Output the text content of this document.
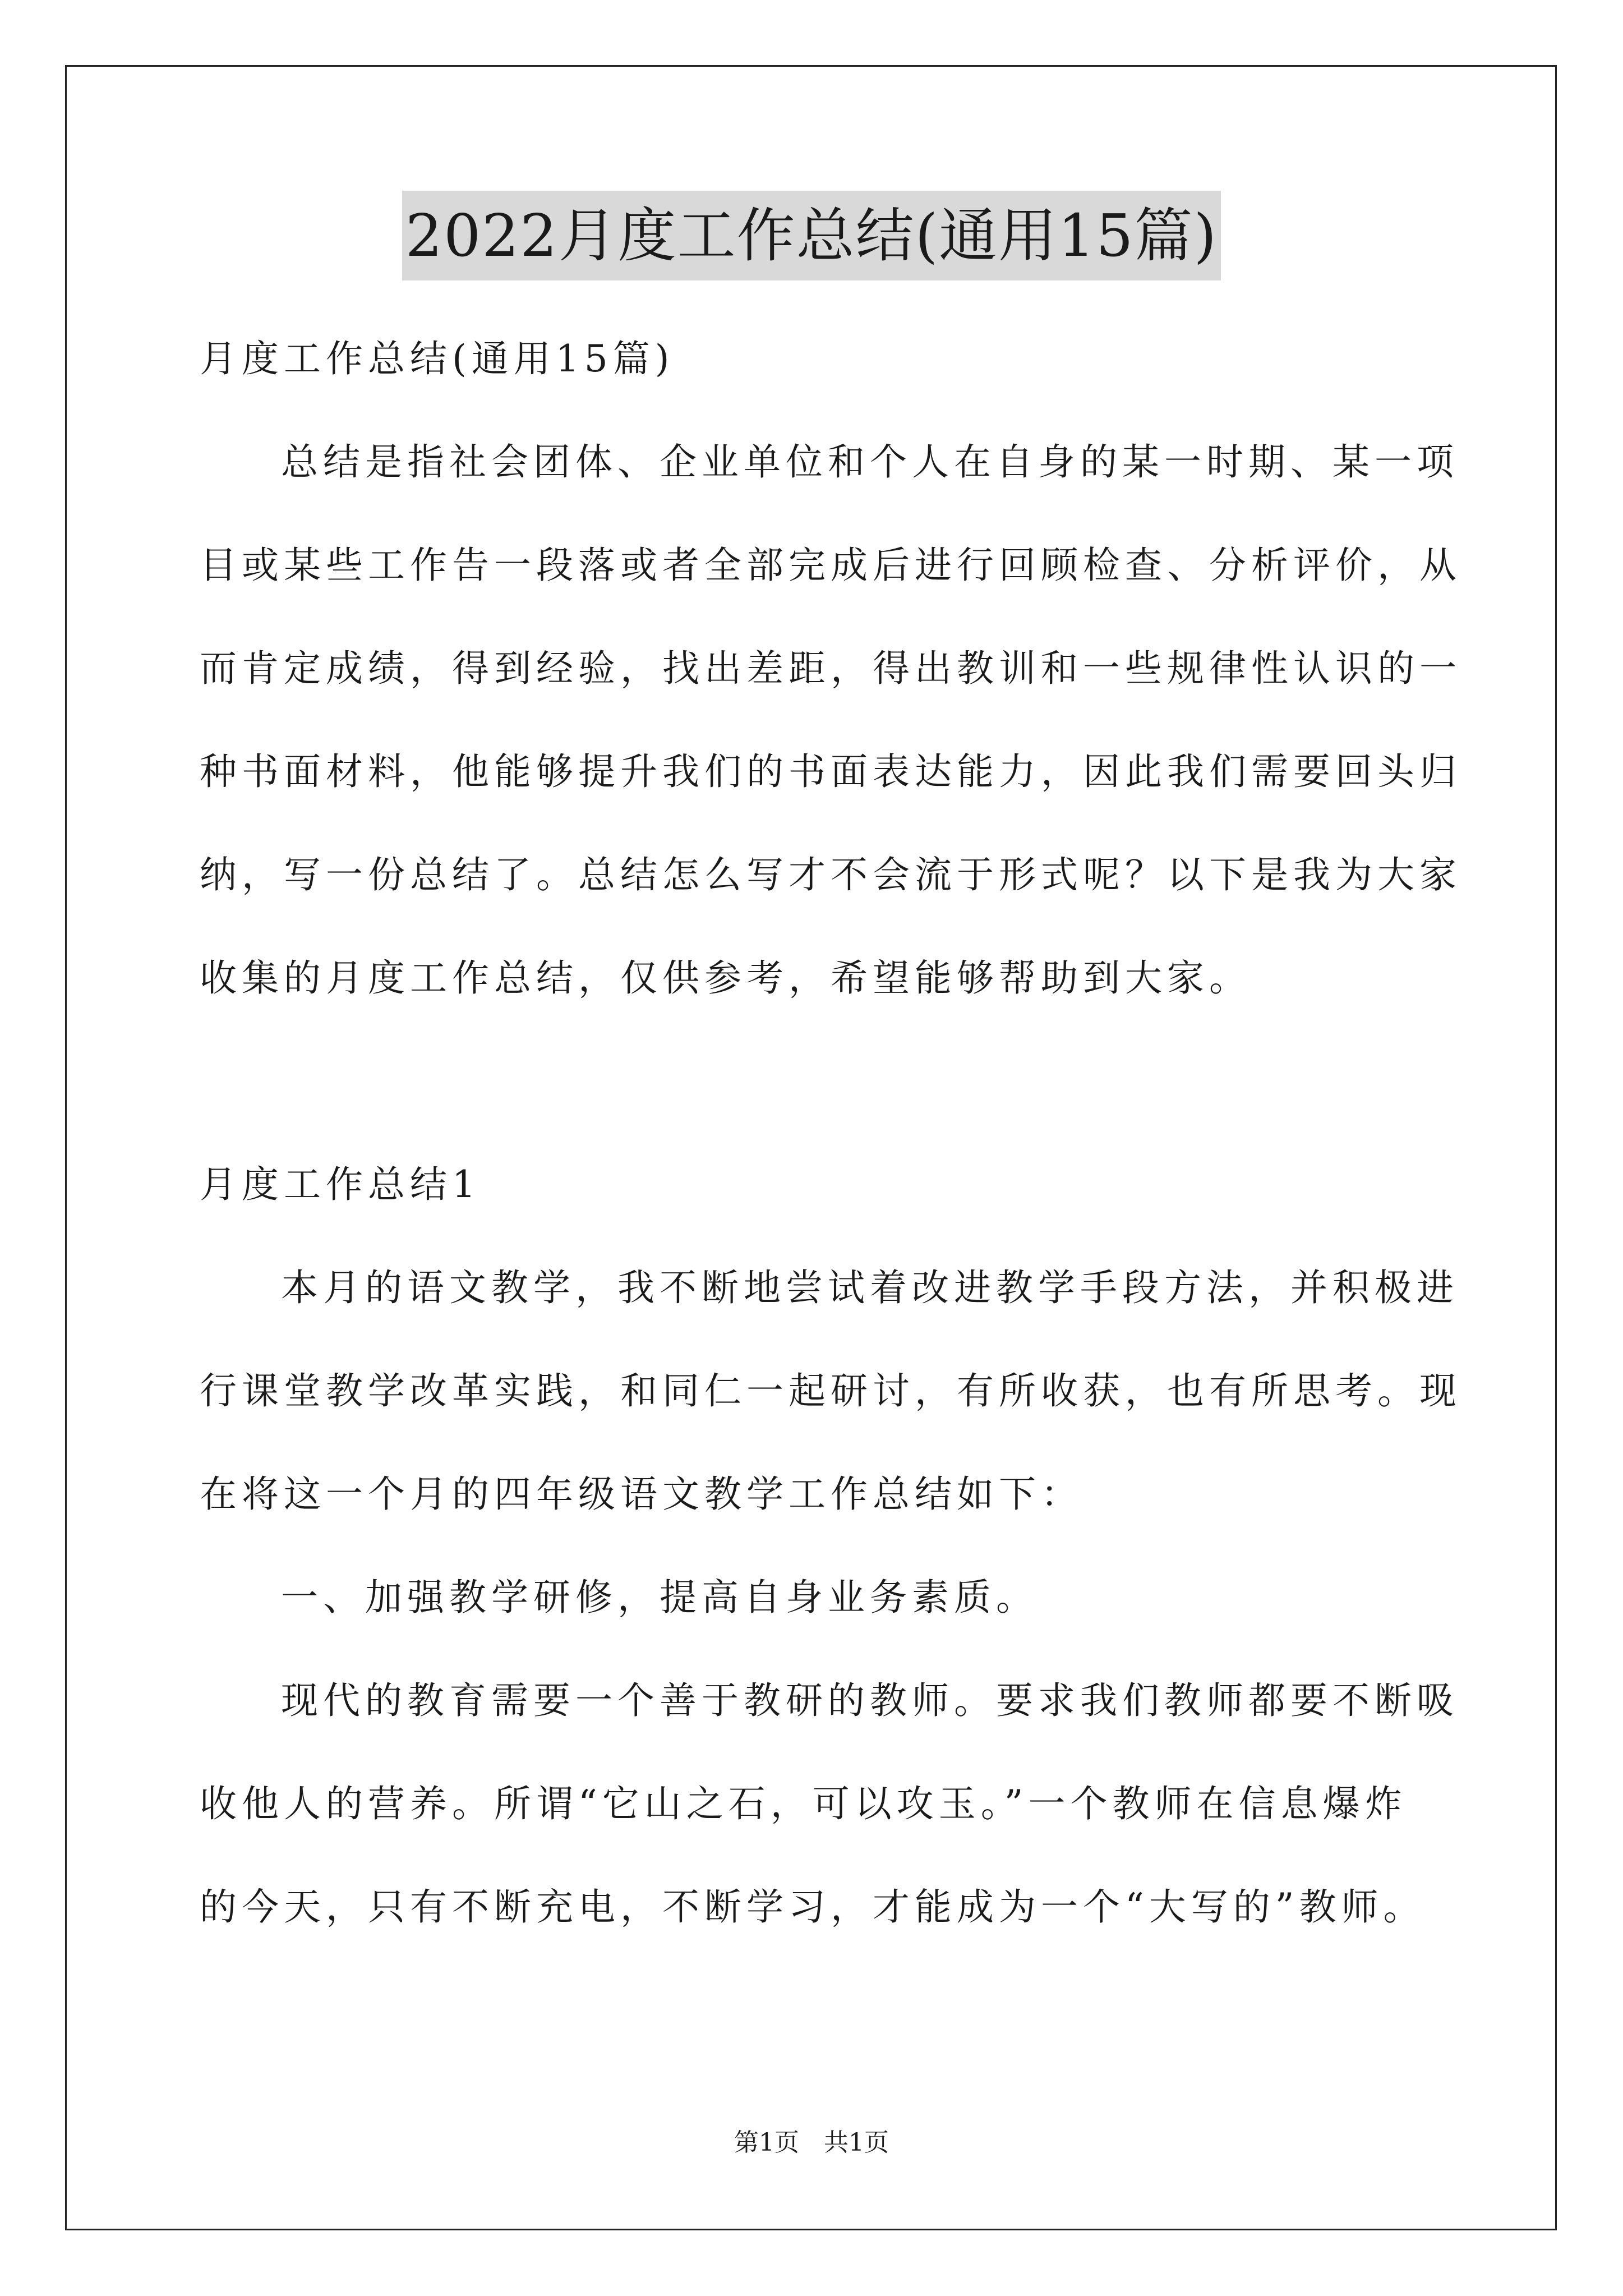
2022月度工作总结(通用15篇)
月度工作总结(通用15篇)
总结是指社会团体、企业单位和个人在自身的某一时期、某一项
目或某些工作告一段落或者全部完成后进行回顾检查、分析评价，从
而肯定成绩，得到经验，找出差距，得出教训和一些规律性认识的一
种书面材料，他能够提升我们的书面表达能力，因此我们需要回头归
纳，写一份总结了。总结怎么写才不会流于形式呢？以下是我为大家
收集的月度工作总结，仅供参考，希望能够帮助到大家。
月度工作总结1
本月的语文教学，我不断地尝试着改进教学手段方法，并积极进
行课堂教学改革实践，和同仁一起研讨，有所收获，也有所思考。现
在将这一个月的四年级语文教学工作总结如下：
一、加强教学研修，提高自身业务素质。
现代的教育需要一个善于教研的教师。要求我们教师都要不断吸
收他人的营养。所谓“它山之石，可以攻玉。”一个教师在信息爆炸
的今天，只有不断充电，不断学习，才能成为一个“大写的”教师。
第1页 共1页
